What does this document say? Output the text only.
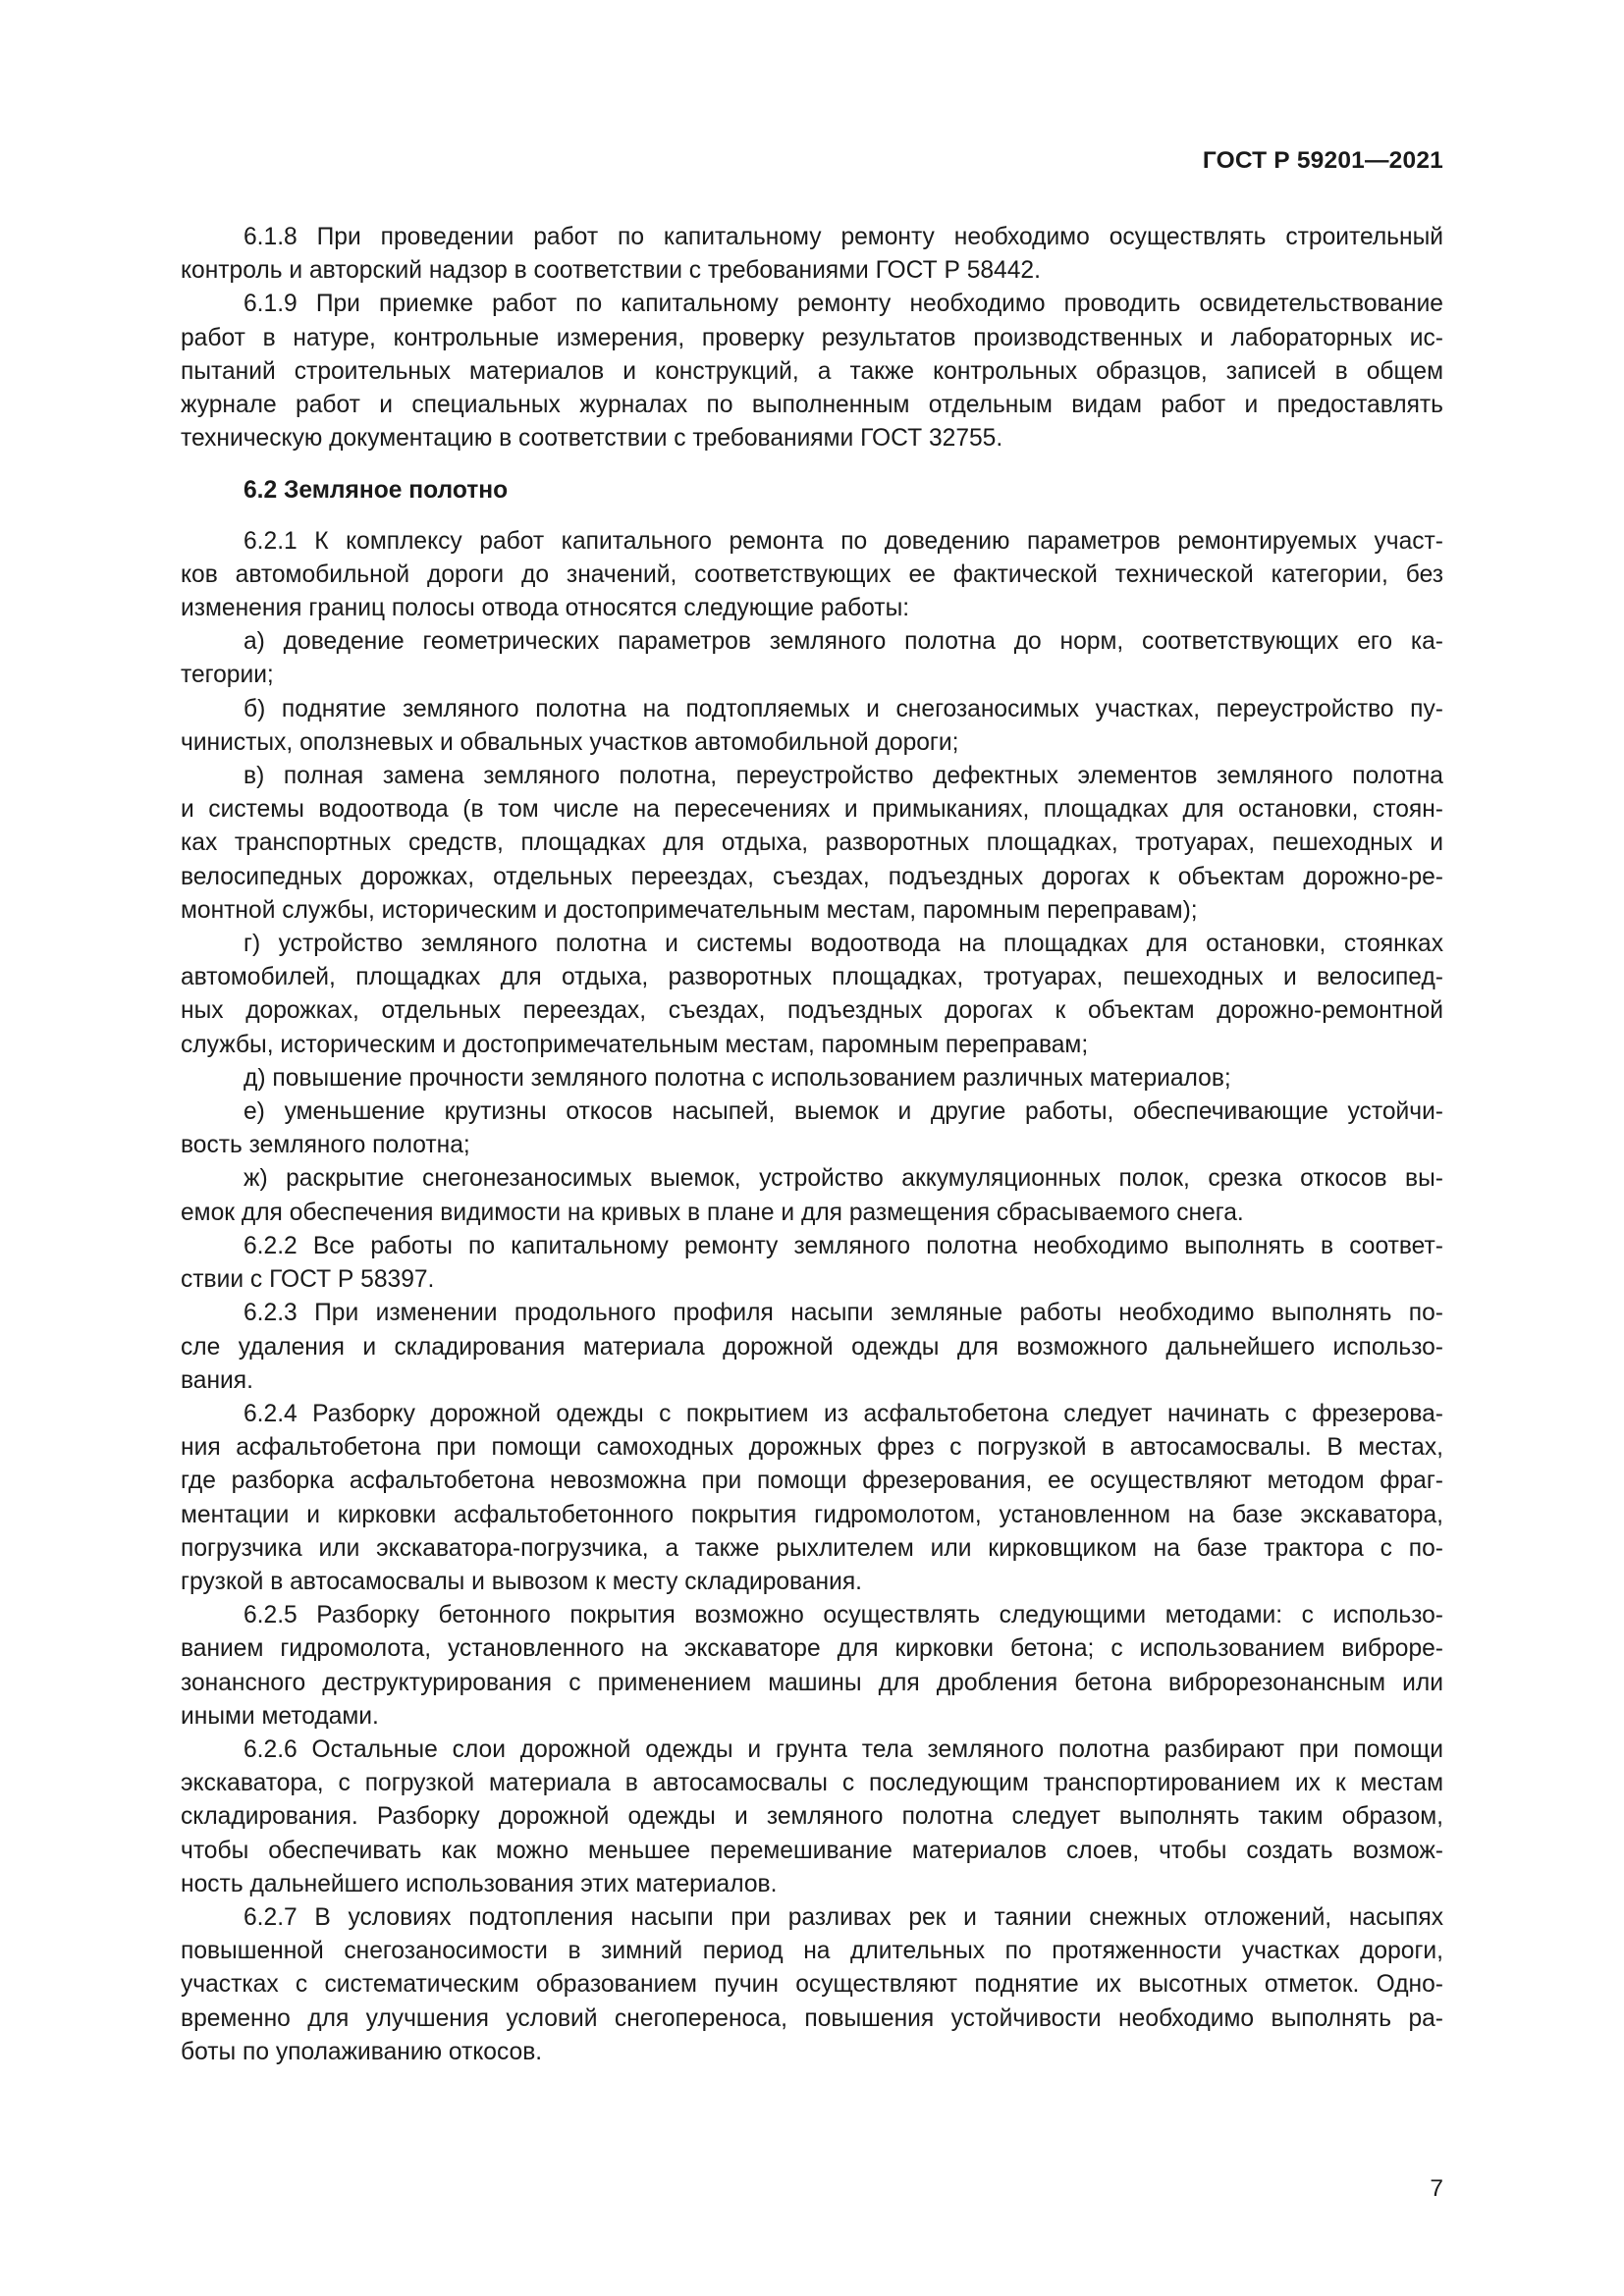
ГОСТ Р 59201—2021

6.1.8 При проведении работ по капитальному ремонту необходимо осуществлять строительный
контроль и авторский надзор в соответствии с требованиями ГОСТ Р 58442.

6.1.9 При приемке работ по капитальному ремонту необходимо проводить освидетельствование
работ в натуре, контрольные измерения, проверку результатов производственных и лабораторных ис-
пытаний строительных материалов и конструкций, а также контрольных образцов, записей в общем
журнале работ и специальных журналах по выполненным отдельным видам работ и предоставлять
техническую документацию в соответствии с требованиями ГОСТ 32755.

6.2 Земляное полотно

6.2.1 К комплексу работ капитального ремонта по доведению параметров ремонтируемых участ-
ков автомобильной дороги до значений, соответствующих ее фактической технической категории, без
изменения границ полосы отвода относятся следующие работы:

а) доведение геометрических параметров земляного полотна до норм, соответствующих его ка-
тегории;

б) поднятие земляного полотна на подтопляемых и снегозаносимых участках, переустройство пу-
чинистых, оползневых и обвальных участков автомобильной дороги;

в) полная замена земляного полотна, переустройство дефектных элементов земляного полотна
и системы водоотвода (в том числе на пересечениях и примыканиях, площадках для остановки, стоян-
ках транспортных средств, площадках для отдыха, разворотных площадках, тротуарах, пешеходных и
велосипедных дорожках, отдельных переездах, съездах, подъездных дорогах к объектам дорожно-ре-
монтной службы, историческим и достопримечательным местам, паромным переправам);

г) устройство земляного полотна и системы водоотвода на площадках для остановки, стоянках
автомобилей, площадках для отдыха, разворотных площадках, тротуарах, пешеходных и велосипед-
ных дорожках, отдельных переездах, съездах, подъездных дорогах к объектам дорожно-ремонтной
службы, историческим и достопримечательным местам, паромным переправам;

д) повышение прочности земляного полотна с использованием различных материалов;

е) уменьшение крутизны откосов насыпей, выемок и другие работы, обеспечивающие устойчи-
вость земляного полотна;

ж) раскрытие снегонезаносимых выемок, устройство аккумуляционных полок, срезка откосов вы-
емок для обеспечения видимости на кривых в плане и для размещения сбрасываемого снега.

6.2.2 Все работы по капитальному ремонту земляного полотна необходимо выполнять в соответ-
ствии с ГОСТ Р 58397.

6.2.3 При изменении продольного профиля насыпи земляные работы необходимо выполнять по-
сле удаления и складирования материала дорожной одежды для возможного дальнейшего использо-
вания.

6.2.4 Разборку дорожной одежды с покрытием из асфальтобетона следует начинать с фрезерова-
ния асфальтобетона при помощи самоходных дорожных фрез с погрузкой в автосамосвалы. В местах,
где разборка асфальтобетона невозможна при помощи фрезерования, ее осуществляют методом фраг-
ментации и кирковки асфальтобетонного покрытия гидромолотом, установленном на базе экскаватора,
погрузчика или экскаватора-погрузчика, а также рыхлителем или кирковщиком на базе трактора с по-
грузкой в автосамосвалы и вывозом к месту складирования.

6.2.5 Разборку бетонного покрытия возможно осуществлять следующими методами: с использо-
ванием гидромолота, установленного на экскаваторе для кирковки бетона; с использованием виброре-
зонансного деструктурирования с применением машины для дробления бетона виброрезонансным или
иными методами.

6.2.6 Остальные слои дорожной одежды и грунта тела земляного полотна разбирают при помощи
экскаватора, с погрузкой материала в автосамосвалы с последующим транспортированием их к местам
складирования. Разборку дорожной одежды и земляного полотна следует выполнять таким образом,
чтобы обеспечивать как можно меньшее перемешивание материалов слоев, чтобы создать возмож-
ность дальнейшего использования этих материалов.

6.2.7 В условиях подтопления насыпи при разливах рек и таянии снежных отложений, насыпях
повышенной снегозаносимости в зимний период на длительных по протяженности участках дороги,
участках с систематическим образованием пучин осуществляют поднятие их высотных отметок. Одно-
временно для улучшения условий снегопереноса, повышения устойчивости необходимо выполнять ра-
боты по уполаживанию откосов.

7
